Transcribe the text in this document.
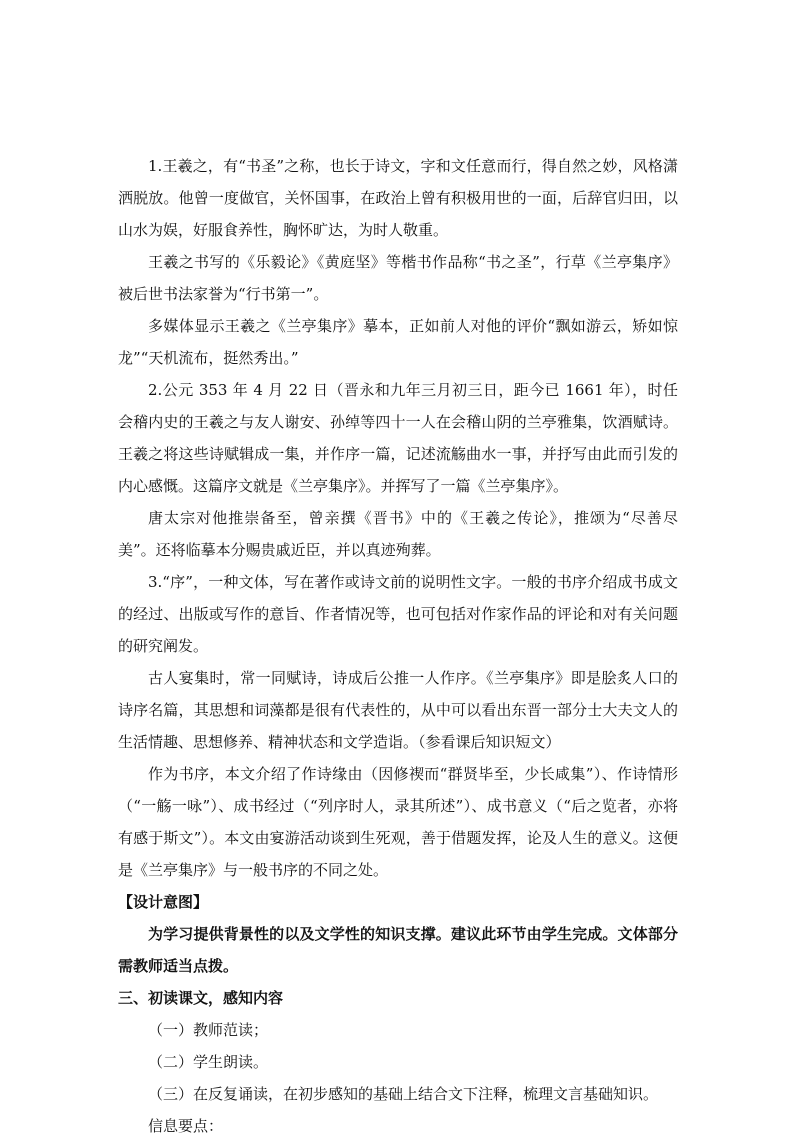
1.王羲之，有“书圣”之称，也长于诗文，字和文任意而行，得自然之妙，风格潇洒脱放。他曾一度做官，关怀国事，在政治上曾有积极用世的一面，后辞官归田，以山水为娱，好服食养性，胸怀旷达，为时人敬重。

王羲之书写的《乐毅论》《黄庭坚》等楷书作品称“书之圣”，行草《兰亭集序》被后世书法家誉为“行书第一”。

多媒体显示王羲之《兰亭集序》摹本，正如前人对他的评价“飘如游云，矫如惊龙”“天机流布，挺然秀出。”

2.公元 353 年 4 月 22 日（晋永和九年三月初三日，距今已 1661 年），时任会稽内史的王羲之与友人谢安、孙绰等四十一人在会稽山阴的兰亭雅集，饮酒赋诗。王羲之将这些诗赋辑成一集，并作序一篇，记述流觞曲水一事，并抒写由此而引发的内心感慨。这篇序文就是《兰亭集序》。并挥写了一篇《兰亭集序》。

唐太宗对他推崇备至，曾亲撰《晋书》中的《王羲之传论》，推颂为“尽善尽美”。还将临摹本分赐贵戚近臣，并以真迹殉葬。

3.“序”，一种文体，写在著作或诗文前的说明性文字。一般的书序介绍成书成文的经过、出版或写作的意旨、作者情况等，也可包括对作家作品的评论和对有关问题的研究阐发。

古人宴集时，常一同赋诗，诗成后公推一人作序。《兰亭集序》即是脍炙人口的诗序名篇，其思想和词藻都是很有代表性的，从中可以看出东晋一部分士大夫文人的生活情趣、思想修养、精神状态和文学造诣。（参看课后知识短文）

作为书序，本文介绍了作诗缘由（因修禊而“群贤毕至，少长咸集”）、作诗情形（“一觞一咏”）、成书经过（“列序时人，录其所述”）、成书意义（“后之览者，亦将有感于斯文”）。本文由宴游活动谈到生死观，善于借题发挥，论及人生的意义。这便是《兰亭集序》与一般书序的不同之处。

【设计意图】

为学习提供背景性的以及文学性的知识支撑。建议此环节由学生完成。文体部分需教师适当点拨。

三、初读课文，感知内容

（一）教师范读；

（二）学生朗读。

（三）在反复诵读，在初步感知的基础上结合文下注释，梳理文言基础知识。

信息要点：
